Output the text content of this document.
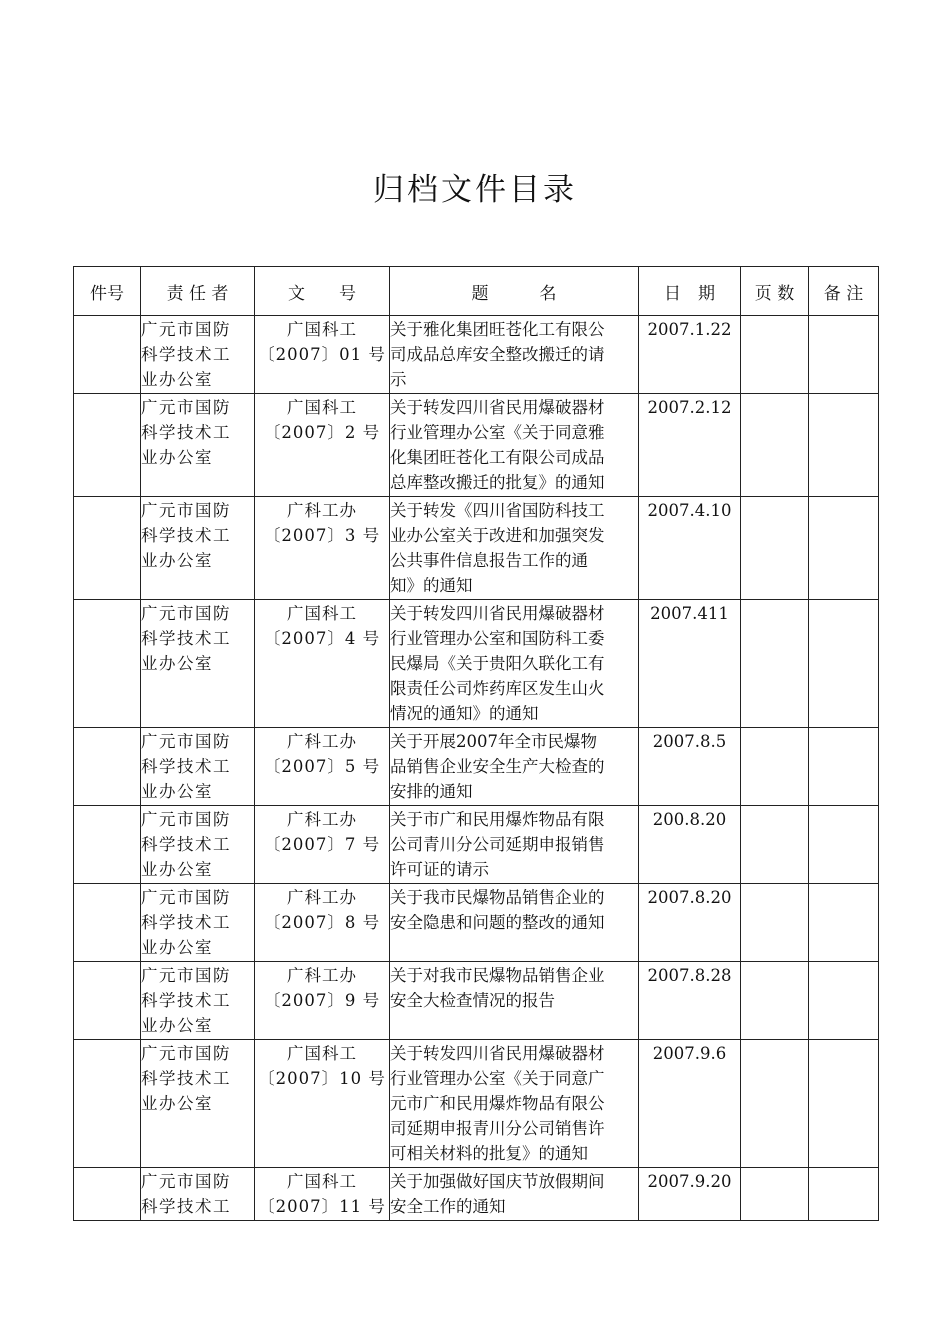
归档文件目录
件号	责 任 者	文　　号	题　　　名	日　期	页 数	备 注

	广元市国防
科学技术工
业办公室	广国科工
〔2007〕01 号	关于雅化集团旺苍化工有限公
司成品总库安全整改搬迁的请
示	2007.1.22		

	广元市国防
科学技术工
业办公室	广国科工
〔2007〕2 号	关于转发四川省民用爆破器材
行业管理办公室《关于同意雅
化集团旺苍化工有限公司成品
总库整改搬迁的批复》的通知	2007.2.12		

	广元市国防
科学技术工
业办公室	广科工办
〔2007〕3 号	关于转发《四川省国防科技工
业办公室关于改进和加强突发
公共事件信息报告工作的通
知》的通知	2007.4.10		

	广元市国防
科学技术工
业办公室	广国科工
〔2007〕4 号	关于转发四川省民用爆破器材
行业管理办公室和国防科工委
民爆局《关于贵阳久联化工有
限责任公司炸药库区发生山火
情况的通知》的通知	2007.411		

	广元市国防
科学技术工
业办公室	广科工办
〔2007〕5 号	关于开展2007年全市民爆物
品销售企业安全生产大检查的
安排的通知	2007.8.5		

	广元市国防
科学技术工
业办公室	广科工办
〔2007〕7 号	关于市广和民用爆炸物品有限
公司青川分公司延期申报销售
许可证的请示	200.8.20		

	广元市国防
科学技术工
业办公室	广科工办
〔2007〕8 号	关于我市民爆物品销售企业的
安全隐患和问题的整改的通知	2007.8.20		

	广元市国防
科学技术工
业办公室	广科工办
〔2007〕9 号	关于对我市民爆物品销售企业
安全大检查情况的报告	2007.8.28		

	广元市国防
科学技术工
业办公室	广国科工
〔2007〕10 号	关于转发四川省民用爆破器材
行业管理办公室《关于同意广
元市广和民用爆炸物品有限公
司延期申报青川分公司销售许
可相关材料的批复》的通知	2007.9.6		

	广元市国防
科学技术工	广国科工
〔2007〕11 号	关于加强做好国庆节放假期间
安全工作的通知	2007.9.20		
